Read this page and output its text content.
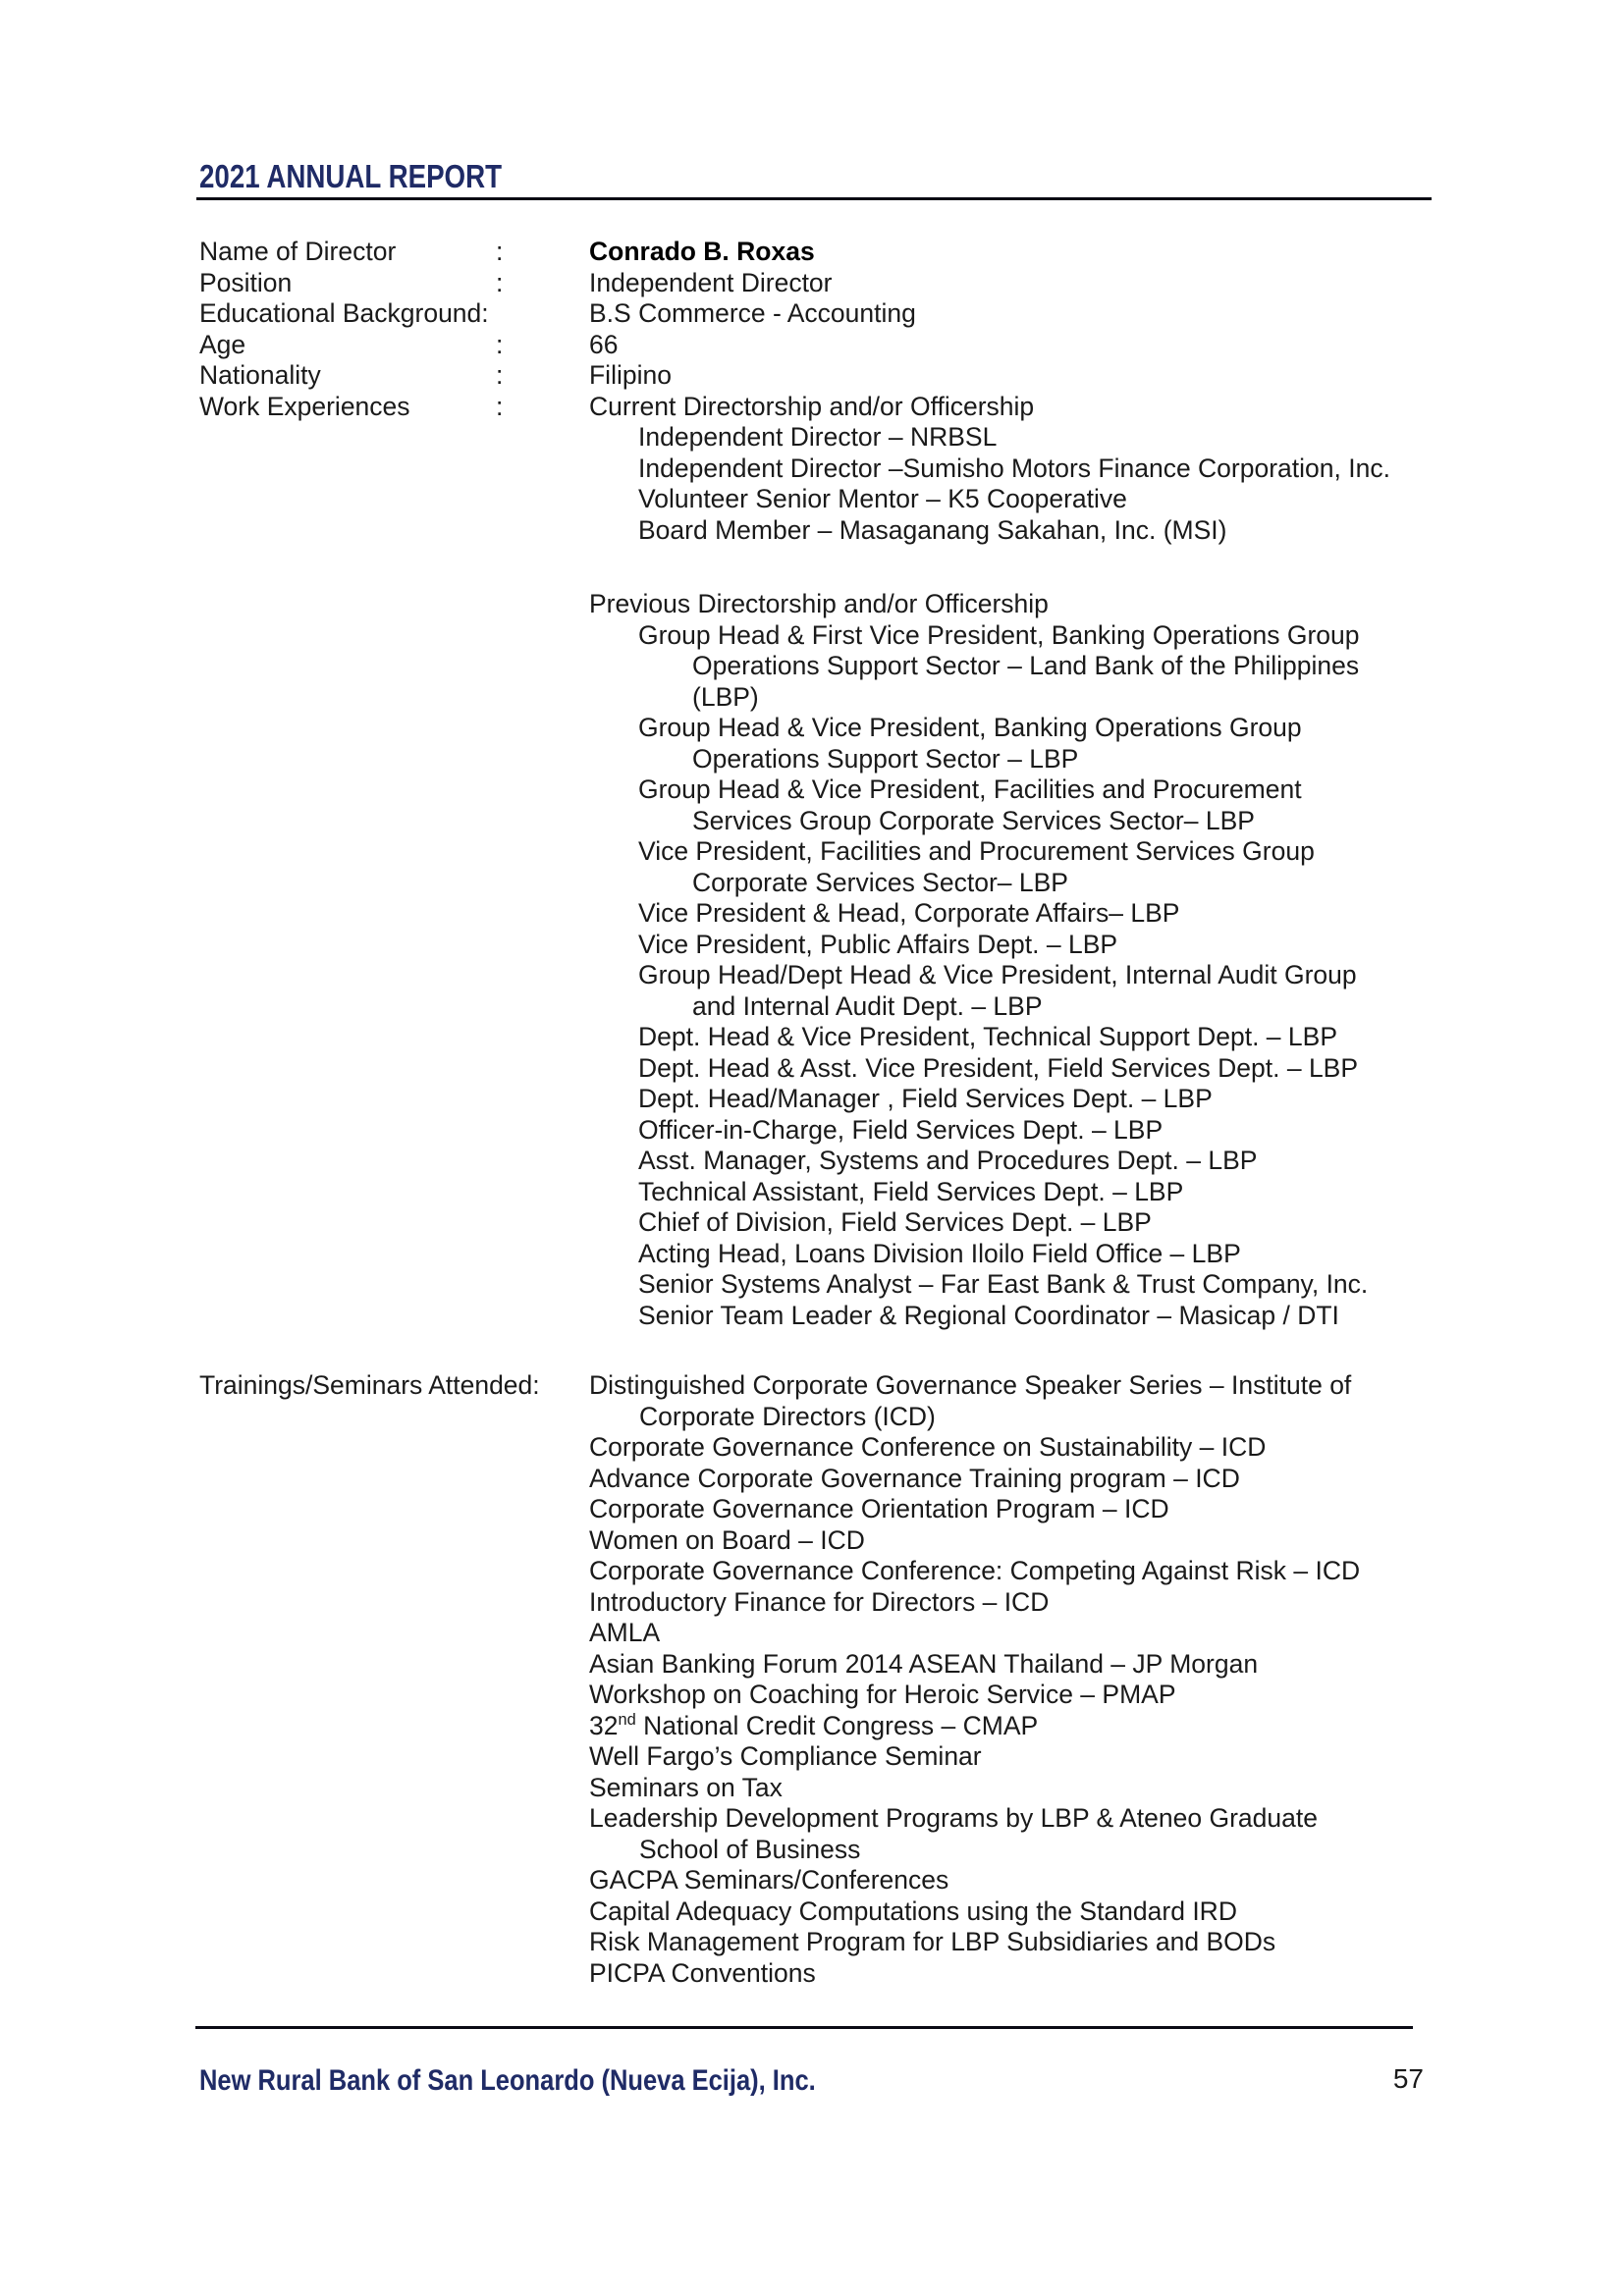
2021 ANNUAL REPORT
Name of Director	:	Conrado B. Roxas
Position	:	Independent Director
Educational Background:	B.S Commerce - Accounting
Age	:	66
Nationality	:	Filipino
Work Experiences	:	Current Directorship and/or Officership
Independent Director – NRBSL
Independent Director –Sumisho Motors Finance Corporation, Inc.
Volunteer Senior Mentor – K5 Cooperative
Board Member – Masaganang Sakahan, Inc. (MSI)
Previous Directorship and/or Officership
Group Head & First Vice President, Banking Operations Group
Operations Support Sector – Land Bank of the Philippines
(LBP)
Group Head & Vice President, Banking Operations Group
Operations Support Sector – LBP
Group Head & Vice President, Facilities and Procurement
Services Group Corporate Services Sector– LBP
Vice President, Facilities and Procurement Services Group
Corporate Services Sector– LBP
Vice President & Head, Corporate Affairs– LBP
Vice President, Public Affairs Dept. – LBP
Group Head/Dept Head & Vice President, Internal Audit Group
and Internal Audit Dept. – LBP
Dept. Head & Vice President, Technical Support Dept. – LBP
Dept. Head & Asst. Vice President, Field Services Dept. – LBP
Dept. Head/Manager , Field Services Dept. – LBP
Officer-in-Charge, Field Services Dept. – LBP
Asst. Manager, Systems and Procedures Dept. – LBP
Technical Assistant, Field Services Dept. – LBP
Chief of Division, Field Services Dept. – LBP
Acting Head, Loans Division Iloilo Field Office – LBP
Senior Systems Analyst – Far East Bank & Trust Company, Inc.
Senior Team Leader & Regional Coordinator – Masicap / DTI
Trainings/Seminars Attended:	Distinguished Corporate Governance Speaker Series – Institute of
Corporate Directors (ICD)
Corporate Governance Conference on Sustainability – ICD
Advance Corporate Governance Training program – ICD
Corporate Governance Orientation Program – ICD
Women on Board – ICD
Corporate Governance Conference: Competing Against Risk – ICD
Introductory Finance for Directors – ICD
AMLA
Asian Banking Forum 2014 ASEAN Thailand – JP Morgan
Workshop on Coaching for Heroic Service – PMAP
32nd National Credit Congress – CMAP
Well Fargo’s Compliance Seminar
Seminars on Tax
Leadership Development Programs by LBP & Ateneo Graduate
School of Business
GACPA Seminars/Conferences
Capital Adequacy Computations using the Standard IRD
Risk Management Program for LBP Subsidiaries and BODs
PICPA Conventions
New Rural Bank of San Leonardo (Nueva Ecija), Inc.	57
